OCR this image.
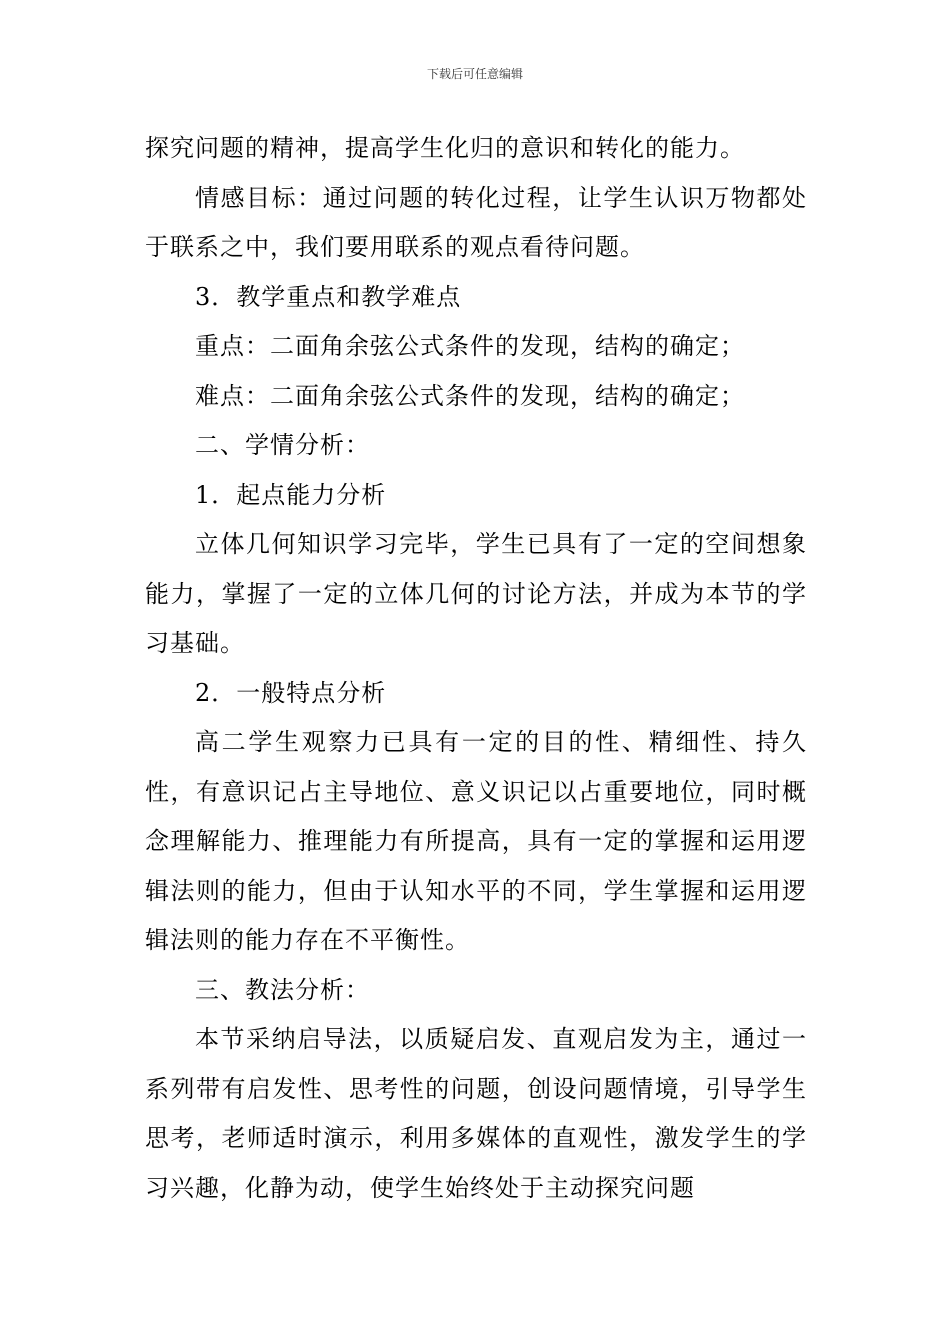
下载后可任意编辑

探究问题的精神，提高学生化归的意识和转化的能力。

情感目标：通过问题的转化过程，让学生认识万物都处于联系之中，我们要用联系的观点看待问题。

3．教学重点和教学难点

重点：二面角余弦公式条件的发现，结构的确定；

难点：二面角余弦公式条件的发现，结构的确定；

二、学情分析：

1．起点能力分析

立体几何知识学习完毕，学生已具有了一定的空间想象能力，掌握了一定的立体几何的讨论方法，并成为本节的学习基础。

2．一般特点分析

高二学生观察力已具有一定的目的性、精细性、持久性，有意识记占主导地位、意义识记以占重要地位，同时概念理解能力、推理能力有所提高，具有一定的掌握和运用逻辑法则的能力，但由于认知水平的不同，学生掌握和运用逻辑法则的能力存在不平衡性。

三、教法分析：

本节采纳启导法，以质疑启发、直观启发为主，通过一系列带有启发性、思考性的问题，创设问题情境，引导学生思考，老师适时演示，利用多媒体的直观性，激发学生的学习兴趣，化静为动，使学生始终处于主动探究问题
